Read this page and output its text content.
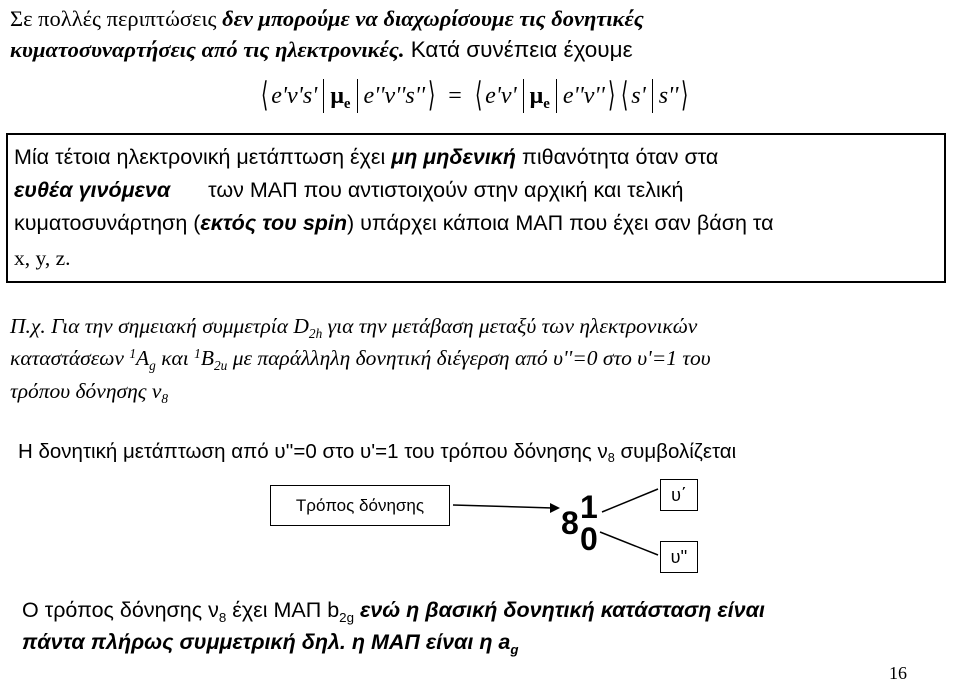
Σε πολλές περιπτώσεις δεν μπορούμε να διαχωρίσουμε τις δονητικές
κυματοσυναρτήσεις από τις ηλεκτρονικές. Κατά συνέπεια έχουμε
⟨ e'v's' $\mu_e$ e''v''s''⟩ = ⟨ e'v' $\mu_e$ e''v''⟩ ⟨ s' s''⟩
Μία τέτοια ηλεκτρονική μετάπτωση έχει μη μηδενική πιθανότητα όταν στα
ευθέα γινόμενα των ΜΑΠ που αντιστοιχούν στην αρχική και τελική
κυματοσυνάρτηση (εκτός του spin) υπάρχει κάποια ΜΑΠ που έχει σαν βάση τα
x, y, z.
Π.χ. Για την σημειακή συμμετρία $D_{2h}$ για την μετάβαση μεταξύ των ηλεκτρονικών
καταστάσεων $^1A_g$ και $^1B_{2u}$ με παράλληλη δονητική διέγερση από υ''=0 στο υ'=1 του
τρόπου δόνησης $\nu_8$
Η δονητική μετάπτωση από υ''=0 στο υ'=1 του τρόπου δόνησης $\nu_8$ συμβολίζεται
Τρόπος δόνησης	8 1
0
υ΄
υ''
Ο τρόπος δόνησης $\nu_8$ έχει ΜΑΠ $b_{2g}$ ενώ η βασική δονητική κατάσταση είναι
πάντα πλήρως συμμετρική δηλ. η ΜΑΠ είναι η $a_g$
16
